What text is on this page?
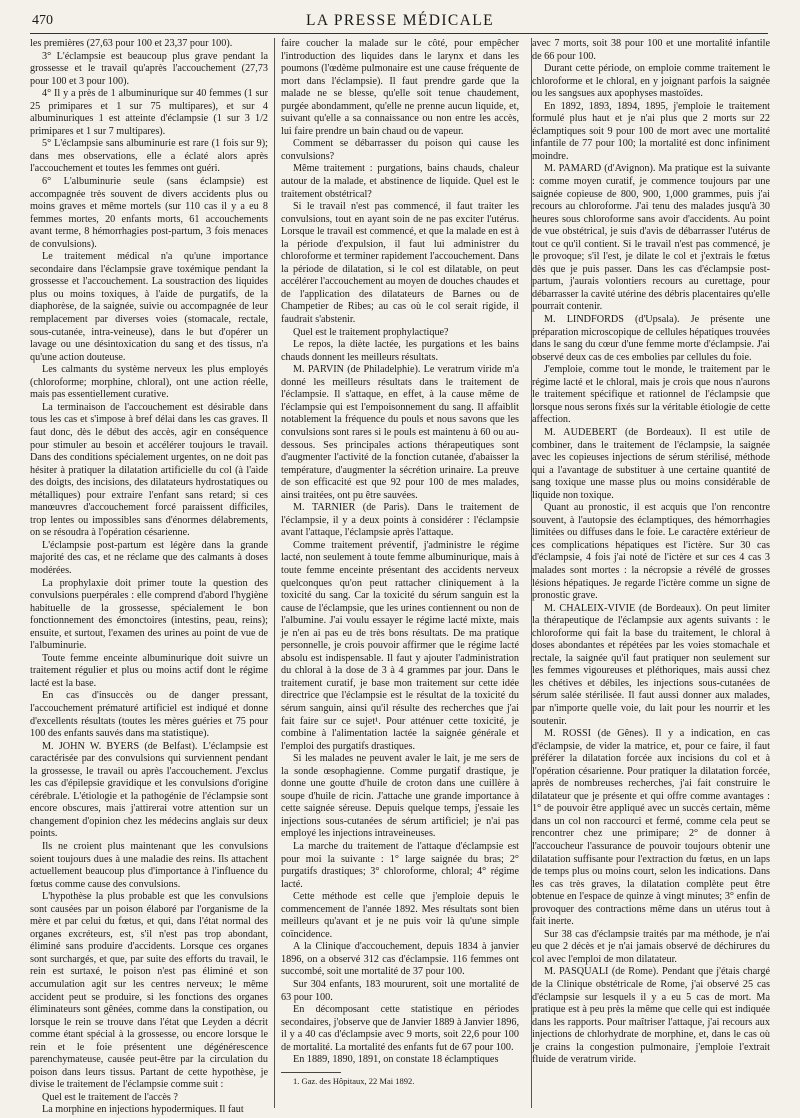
470	LA PRESSE MÉDICALE

les premières (27,63 pour 100 et 23,37 pour 100).

3° L'éclampsie est beaucoup plus grave pendant la grossesse et le travail qu'après l'accouchement (27,73 pour 100 et 3 pour 100).

4° Il y a près de 1 albuminurique sur 40 femmes (1 sur 25 primipares et 1 sur 75 multipares), et sur 4 albuminuriques 1 est atteinte d'éclampsie (1 sur 3 1/2 primipares et 1 sur 7 multipares).

5° L'éclampsie sans albuminurie est rare (1 fois sur 9); dans mes observations, elle a éclaté alors après l'accouchement et toutes les femmes ont guéri.

6° L'albuminurie seule (sans éclampsie) est accompagnée très souvent de divers accidents plus ou moins graves et même mortels (sur 110 cas il y a eu 8 femmes mortes, 20 enfants morts, 61 accouchements avant terme, 8 hémorrhagies post-partum, 3 fois menaces de convulsions).

Le traitement médical n'a qu'une importance secondaire dans l'éclampsie grave toxémique pendant la grossesse et l'accouchement. La soustraction des liquides plus ou moins toxiques, à l'aide de purgatifs, de la diaphorèse, de la saignée, suivie ou accompagnée de leur remplacement par diverses voies (stomacale, rectale, sous-cutanée, intra-veineuse), dans le but d'opérer un lavage ou une désintoxication du sang et des tissus, n'a qu'une action douteuse.

Les calmants du système nerveux les plus employés (chloroforme; morphine, chloral), ont une action réelle, mais pas essentiellement curative.

La terminaison de l'accouchement est désirable dans tous les cas et s'impose à bref délai dans les cas graves. Il faut donc, dès le début des accès, agir en conséquence pour stimuler au besoin et accélérer toujours le travail. Dans des conditions spécialement urgentes, on ne doit pas hésiter à pratiquer la dilatation artificielle du col (à l'aide des doigts, des incisions, des dilatateurs hydrostatiques ou métalliques) pour extraire l'enfant sans retard; si ces manœuvres d'accouchement forcé paraissent difficiles, trop lentes ou impossibles sans d'énormes délabrements, on se résoudra à l'opération césarienne.

L'éclampsie post-partum est légère dans la grande majorité des cas, et ne réclame que des calmants à doses modérées.

La prophylaxie doit primer toute la question des convulsions puerpérales : elle comprend d'abord l'hygiène habituelle de la grossesse, spécialement le bon fonctionnement des émonctoires (intestins, peau, reins); ensuite, et surtout, l'examen des urines au point de vue de l'albuminurie.

Toute femme enceinte albuminurique doit suivre un traitement régulier et plus ou moins actif dont le régime lacté est la base.

En cas d'insuccès ou de danger pressant, l'accouchement prématuré artificiel est indiqué et donne d'excellents résultats (toutes les mères guéries et 75 pour 100 des enfants sauvés dans ma statistique).

M. JOHN W. BYERS (de Belfast). L'éclampsie est caractérisée par des convulsions qui surviennent pendant la grossesse, le travail ou après l'accouchement. J'exclus les cas d'épilepsie gravidique et les convulsions d'origine cérébrale. L'étiologie et la pathogénie de l'éclampsie sont encore obscures, mais j'attirerai votre attention sur un changement d'opinion chez les médecins anglais sur deux points.

Ils ne croient plus maintenant que les convulsions soient toujours dues à une maladie des reins. Ils attachent actuellement beaucoup plus d'importance à l'influence du fœtus comme cause des convulsions.

L'hypothèse la plus probable est que les convulsions sont causées par un poison élaboré par l'organisme de la mère et par celui du fœtus, et qui, dans l'état normal des organes excréteurs, est, s'il n'est pas trop abondant, éliminé sans produire d'accidents. Lorsque ces organes sont surchargés, et que, par suite des efforts du travail, le rein est surtaxé, le poison n'est pas éliminé et son accumulation agit sur les centres nerveux; le même accident peut se produire, si les fonctions des organes éliminateurs sont gênées, comme dans la constipation, ou lorsque le rein se trouve dans l'état que Leyden a décrit comme étant spécial à la grossesse, ou encore lorsque le rein et le foie présentent une dégénérescence parenchymateuse, causée peut-être par la circulation du poison dans leurs tissus. Partant de cette hypothèse, je divise le traitement de l'éclampsie comme suit :

Quel est le traitement de l'accès ?

La morphine en injections hypodermiques. Il faut

faire coucher la malade sur le côté, pour empêcher l'introduction des liquides dans le larynx et dans les poumons (l'œdème pulmonaire est une cause fréquente de mort dans l'éclampsie). Il faut prendre garde que la malade ne se blesse, qu'elle soit tenue chaudement, purgée abondamment, qu'elle ne prenne aucun liquide, et, suivant qu'elle a sa connaissance ou non entre les accès, lui faire prendre un bain chaud ou de vapeur.

Comment se débarrasser du poison qui cause les convulsions?

Même traitement : purgations, bains chauds, chaleur autour de la malade, et abstinence de liquide. Quel est le traitement obstétrical?

Si le travail n'est pas commencé, il faut traiter les convulsions, tout en ayant soin de ne pas exciter l'utérus. Lorsque le travail est commencé, et que la malade en est à la période d'expulsion, il faut lui administrer du chloroforme et terminer rapidement l'accouchement. Dans la période de dilatation, si le col est dilatable, on peut accélérer l'accouchement au moyen de douches chaudes et de l'application des dilatateurs de Barnes ou de Champetier de Ribes; au cas où le col serait rigide, il faudrait s'abstenir.

Quel est le traitement prophylactique?

Le repos, la diète lactée, les purgations et les bains chauds donnent les meilleurs résultats.

M. PARVIN (de Philadelphie). Le veratrum viride m'a donné les meilleurs résultats dans le traitement de l'éclampsie. Il s'attaque, en effet, à la cause même de l'éclampsie qui est l'empoisonnement du sang. Il affaiblit notablement la fréquence du pouls et nous savons que les convulsions sont rares si le pouls est maintenu à 60 ou au-dessous. Ses principales actions thérapeutiques sont d'augmenter l'activité de la fonction cutanée, d'abaisser la température, d'augmenter la sécrétion urinaire. La preuve de son efficacité est que 92 pour 100 de mes malades, ainsi traitées, ont pu être sauvées.

M. TARNIER (de Paris). Dans le traitement de l'éclampsie, il y a deux points à considérer : l'éclampsie avant l'attaque, l'éclampsie après l'attaque.

Comme traitement préventif, j'administre le régime lacté, non seulement à toute femme albuminurique, mais à toute femme enceinte présentant des accidents nerveux quelconques qu'on peut rattacher cliniquement à la toxicité du sang. Car la toxicité du sérum sanguin est la cause de l'éclampsie, que les urines contiennent ou non de l'albumine. J'ai voulu essayer le régime lacté mixte, mais je n'en ai pas eu de très bons résultats. De ma pratique personnelle, je crois pouvoir affirmer que le régime lacté absolu est indispensable. Il faut y ajouter l'administration du chloral à la dose de 3 à 4 grammes par jour. Dans le traitement curatif, je base mon traitement sur cette idée directrice que l'éclampsie est le résultat de la toxicité du sérum sanguin, ainsi qu'il résulte des recherches que j'ai fait faire sur ce sujet¹. Pour atténuer cette toxicité, je combine à l'alimentation lactée la saignée générale et l'emploi des purgatifs drastiques.

Si les malades ne peuvent avaler le lait, je me sers de la sonde œsophagienne. Comme purgatif drastique, je donne une goutte d'huile de croton dans une cuillère à soupe d'huile de ricin. J'attache une grande importance à cette saignée séreuse. Depuis quelque temps, j'essaie les injections sous-cutanées de sérum artificiel; je n'ai pas employé les injections intraveineuses.

La marche du traitement de l'attaque d'éclampsie est pour moi la suivante : 1° large saignée du bras; 2° purgatifs drastiques; 3° chloroforme, chloral; 4° régime lacté.

Cette méthode est celle que j'emploie depuis le commencement de l'année 1892. Mes résultats sont bien meilleurs qu'avant et je ne puis voir là qu'une simple coïncidence.

A la Clinique d'accouchement, depuis 1834 à janvier 1896, on a observé 312 cas d'éclampsie. 116 femmes ont succombé, soit une mortalité de 37 pour 100.

Sur 304 enfants, 183 moururent, soit une mortalité de 63 pour 100.

En décomposant cette statistique en périodes secondaires, j'observe que de Janvier 1889 à Janvier 1896, il y a 40 cas d'éclampsie avec 9 morts, soit 22,6 pour 100 de mortalité. La mortalité des enfants fut de 67 pour 100.

En 1889, 1890, 1891, on constate 18 éclamptiques

1. Gaz. des Hôpitaux, 22 Mai 1892.

avec 7 morts, soit 38 pour 100 et une mortalité infantile de 66 pour 100.

Durant cette période, on emploie comme traitement le chloroforme et le chloral, en y joignant parfois la saignée ou les sangsues aux apophyses mastoïdes.

En 1892, 1893, 1894, 1895, j'emploie le traitement formulé plus haut et je n'ai plus que 2 morts sur 22 éclamptiques soit 9 pour 100 de mort avec une mortalité infantile de 77 pour 100; la mortalité est donc infiniment moindre.

M. PAMARD (d'Avignon). Ma pratique est la suivante : comme moyen curatif, je commence toujours par une saignée copieuse de 800, 900, 1,000 grammes, puis j'ai recours au chloroforme. J'ai tenu des malades jusqu'à 30 heures sous chloroforme sans avoir d'accidents. Au point de vue obstétrical, je suis d'avis de débarrasser l'utérus de tout ce qu'il contient. Si le travail n'est pas commencé, je le provoque; s'il l'est, je dilate le col et j'extrais le fœtus dès que je puis passer. Dans les cas d'éclampsie post-partum, j'aurais volontiers recours au curettage, pour débarrasser la cavité utérine des débris placentaires qu'elle pourrait contenir.

M. LINDFORDS (d'Upsala). Je présente une préparation microscopique de cellules hépatiques trouvées dans le sang du cœur d'une femme morte d'éclampsie. J'ai observé deux cas de ces embolies par cellules du foie.

J'emploie, comme tout le monde, le traitement par le régime lacté et le chloral, mais je crois que nous n'aurons le traitement spécifique et rationnel de l'éclampsie que lorsque nous serons fixés sur la véritable étiologie de cette affection.

M. AUDEBERT (de Bordeaux). Il est utile de combiner, dans le traitement de l'éclampsie, la saignée avec les copieuses injections de sérum stérilisé, méthode qui a l'avantage de substituer à une certaine quantité de sang toxique une masse plus ou moins considérable de liquide non toxique.

Quant au pronostic, il est acquis que l'on rencontre souvent, à l'autopsie des éclamptiques, des hémorrhagies limitées ou diffuses dans le foie. Le caractère extérieur de ces complications hépatiques est l'ictère. Sur 30 cas d'éclampsie, 4 fois j'ai noté de l'ictère et sur ces 4 cas 3 malades sont mortes : la nécropsie a révélé de grosses lésions hépatiques. Je regarde l'ictère comme un signe de pronostic grave.

M. CHALEIX-VIVIE (de Bordeaux). On peut limiter la thérapeutique de l'éclampsie aux agents suivants : le chloroforme qui fait la base du traitement, le chloral à doses abondantes et répétées par les voies stomachale et rectale, la saignée qu'il faut pratiquer non seulement sur les femmes vigoureuses et pléthoriques, mais aussi chez les chétives et débiles, les injections sous-cutanées de sérum salée stérilisée. Il faut aussi donner aux malades, par n'importe quelle voie, du lait pour les nourrir et les soutenir.

M. ROSSI (de Gênes). Il y a indication, en cas d'éclampsie, de vider la matrice, et, pour ce faire, il faut préférer la dilatation forcée aux incisions du col et à l'opération césarienne. Pour pratiquer la dilatation forcée, après de nombreuses recherches, j'ai fait construire le dilatateur que je présente et qui offre comme avantages : 1° de pouvoir être appliqué avec un succès certain, même dans un col non raccourci et fermé, comme cela peut se rencontrer chez une primipare; 2° de donner à l'accoucheur l'assurance de pouvoir toujours obtenir une dilatation suffisante pour l'extraction du fœtus, en un laps de temps plus ou moins court, selon les indications. Dans les cas très graves, la dilatation complète peut être obtenue en l'espace de quinze à vingt minutes; 3° enfin de provoquer des contractions même dans un utérus tout à fait inerte.

Sur 38 cas d'éclampsie traités par ma méthode, je n'ai eu que 2 décès et je n'ai jamais observé de déchirures du col avec l'emploi de mon dilatateur.

M. PASQUALI (de Rome). Pendant que j'étais chargé de la Clinique obstétricale de Rome, j'ai observé 25 cas d'éclampsie sur lesquels il y a eu 5 cas de mort. Ma pratique est à peu près la même que celle qui est indiquée dans les rapports. Pour maîtriser l'attaque, j'ai recours aux injections de chlorhydrate de morphine, et, dans le cas où je crains la congestion pulmonaire, j'emploie l'extrait fluide de veratrum viride.
